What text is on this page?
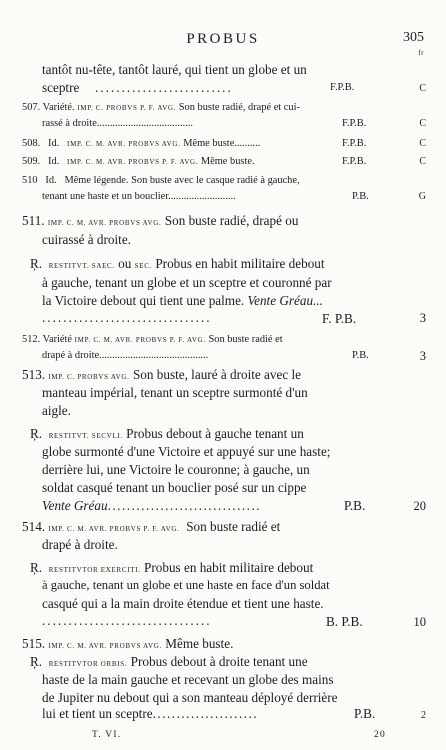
PROBUS	305
fr
tantôt nu-tête, tantôt lauré, qui tient un globe et un
sceptre ..........................	F.P.B.	C
507. Variété. IMP. C. PROBVS P. F. AVG. Son buste radié, drapé et cui-
rassé à droite.....................................	F.P.B.	C
508. Id. IMP. C. M. AVR. PROBVS AVG. Même buste..........	F.P.B.	C
509. Id. IMP. C. M. AVR. PROBVS P. F. AVG. Même buste.	F.P.B.	C
510 Id. Même légende. Son buste avec le casque radié à gauche,
tenant une haste et un bouclier..........................	P.B.	G
511. IMP. C. M. AVR. PROBVS AVG. Son buste radié, drapé ou
cuirassé à droite.
Ŗ. RESTITVT. SAEC. ou SEC. Probus en habit militaire debout
à gauche, tenant un globe et un sceptre et couronné par
la Victoire debout qui tient une palme. Vente Gréau...
................................	F. P.B.	3
512. Variété IMP. C. M. AVR. PROBVS P. F. AVG. Son buste radié et
drapé à droite..........................................	P.B.	3
513. IMP. C. PROBVS AVG. Son buste, lauré à droite avec le
manteau impérial, tenant un sceptre surmonté d'un
aigle.
Ŗ. RESTITVT. SECVLI. Probus debout à gauche tenant un
globe surmonté d'une Victoire et appuyé sur une haste;
derrière lui, une Victoire le couronne; à gauche, un
soldat casqué tenant un bouclier posé sur un cippe
Vente Gréau................................	P.B.	20
514. IMP. C. M. AVR. PROBVS P. F. AVG. Son buste radié et
drapé à droite.
Ŗ. RESTITVTOR EXERCITI. Probus en habit militaire debout
à gauche, tenant un globe et une haste en face d'un soldat
casqué qui a la main droite étendue et tient une haste.
................................	B. P.B.	10
515. IMP. C. M. AVR. PROBVS AVG. Même buste.
Ŗ. RESTITVTOR ORBIS. Probus debout à droite tenant une
haste de la main gauche et recevant un globe des mains
de Jupiter nu debout qui a son manteau déployé derrière
lui et tient un sceptre......................	P.B.	2
T. VI.	20
